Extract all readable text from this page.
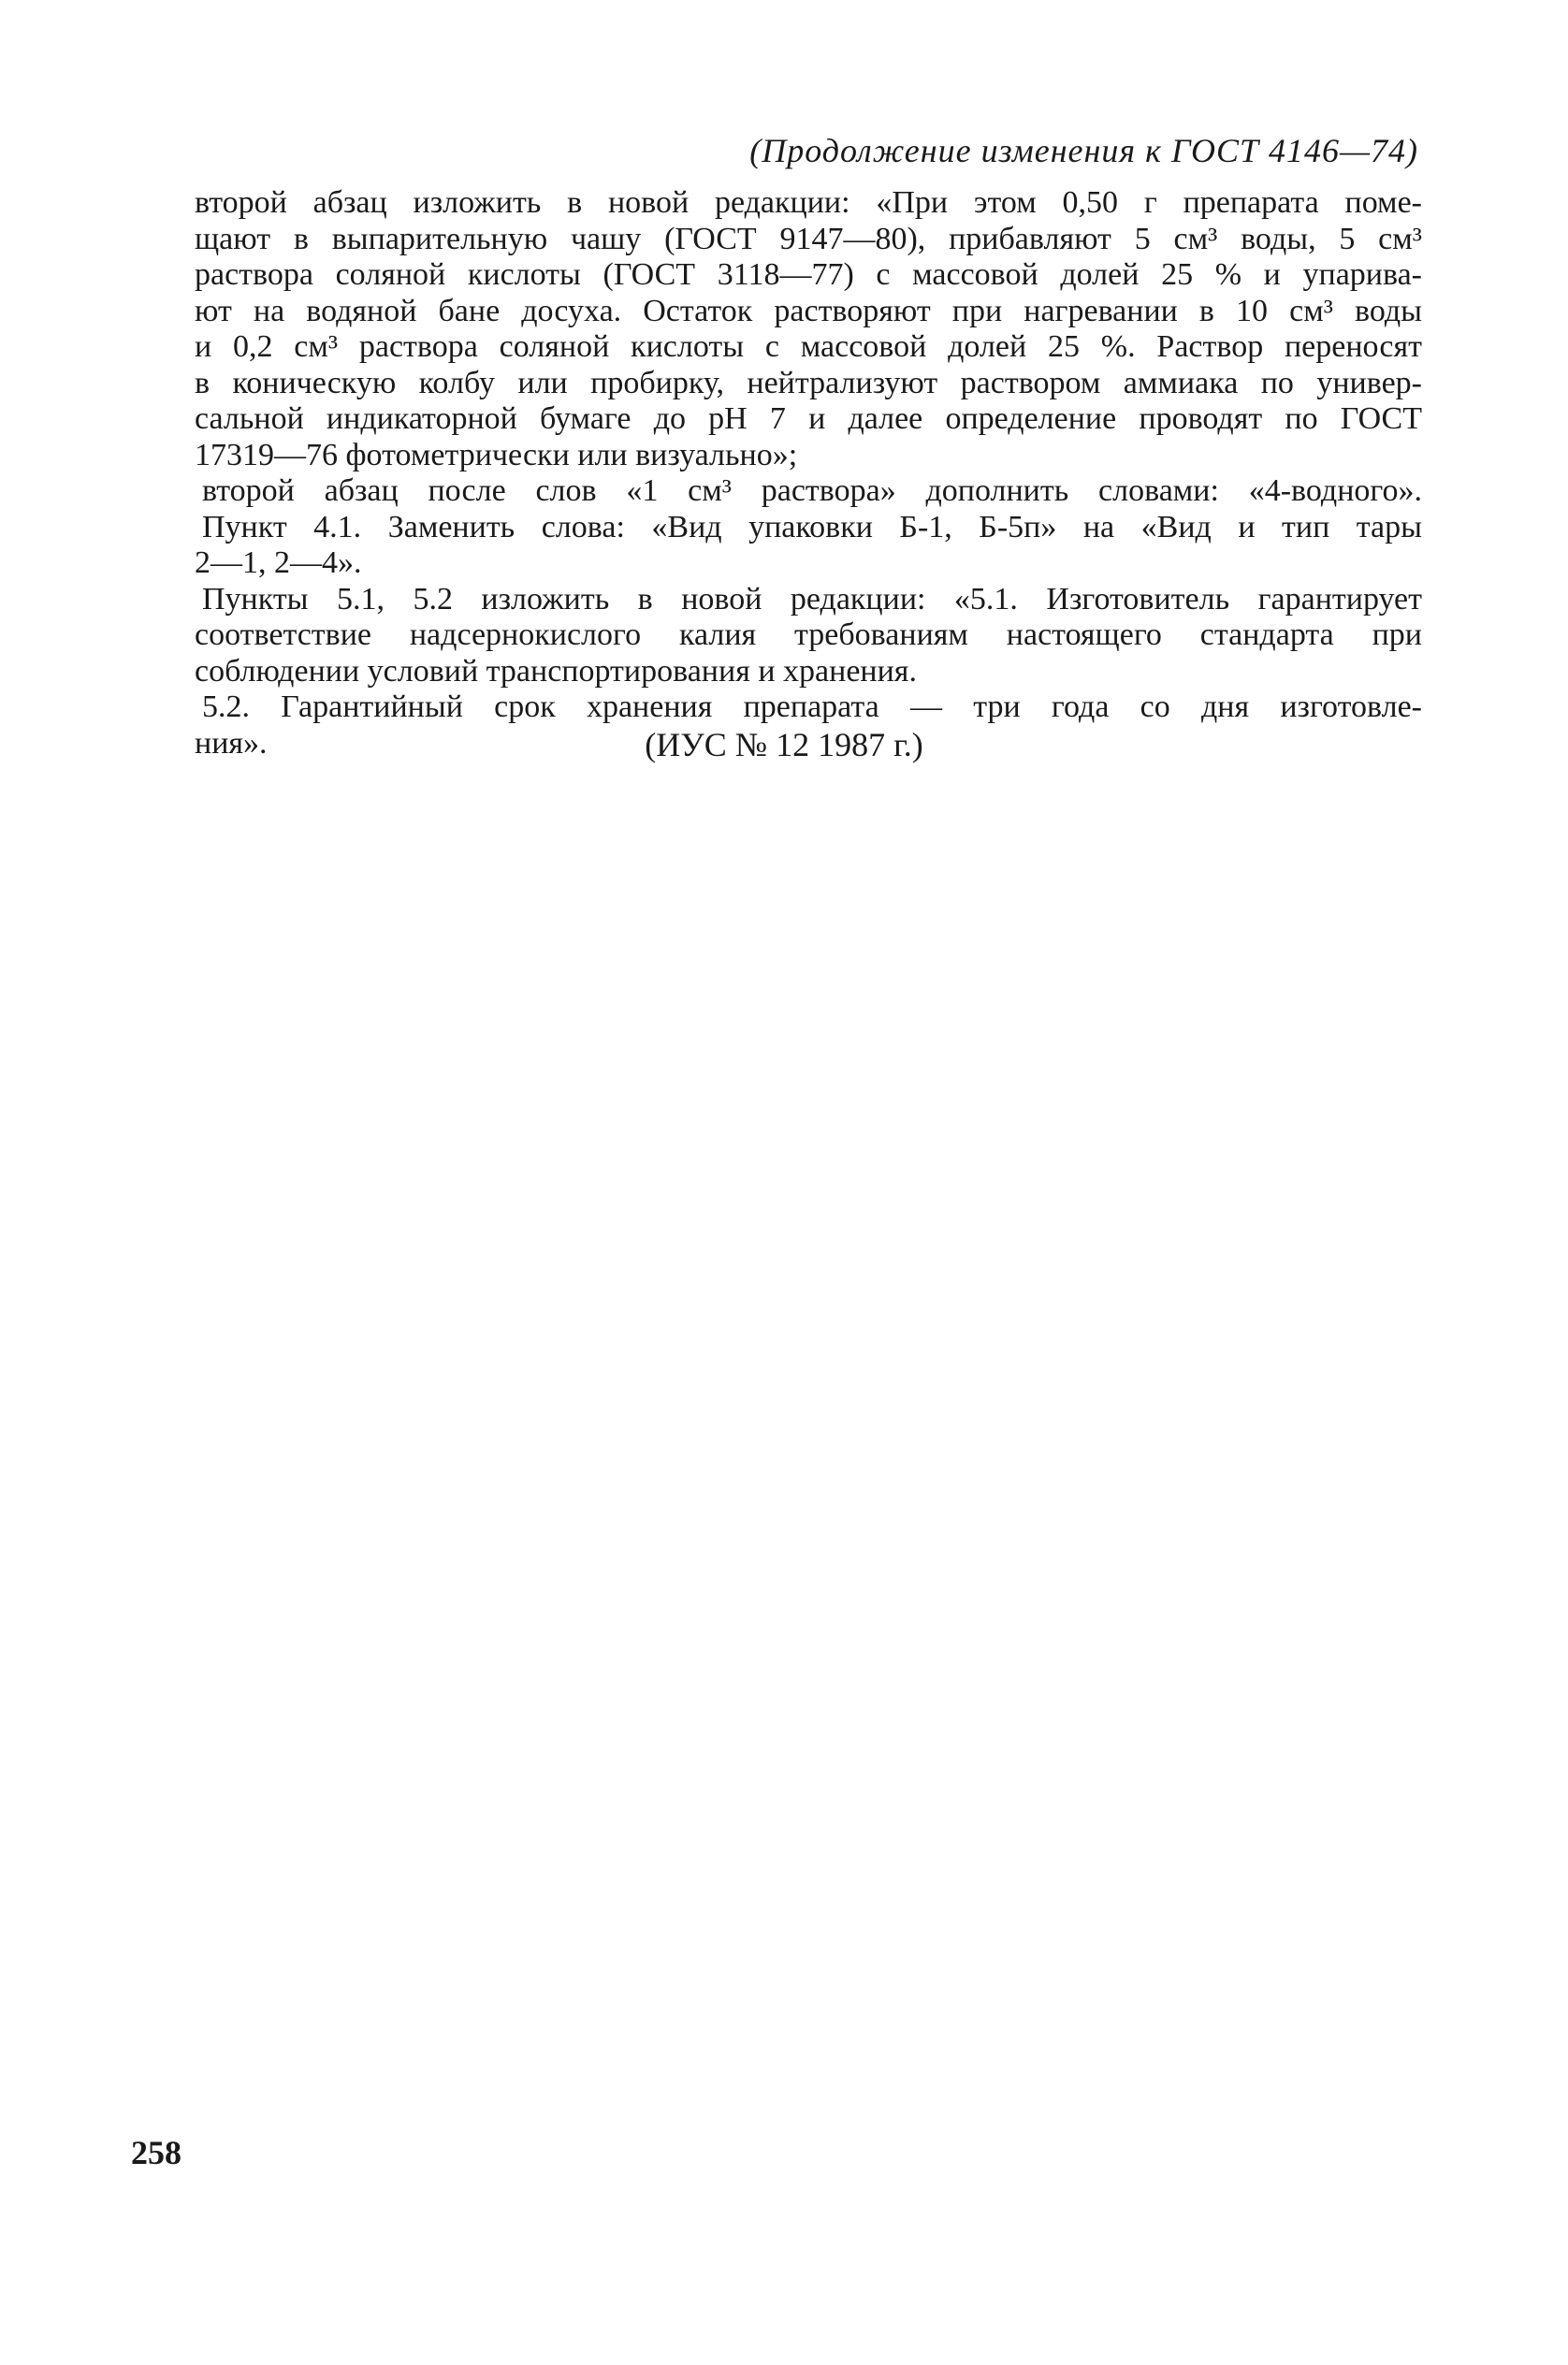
(Продолжение изменения к ГОСТ 4146—74)
второй абзац изложить в новой редакции: «При этом 0,50 г препарата поме-
щают в выпарительную чашу (ГОСТ 9147—80), прибавляют 5 см³ воды, 5 см³
раствора соляной кислоты (ГОСТ 3118—77) с массовой долей 25 % и упарива-
ют на водяной бане досуха. Остаток растворяют при нагревании в 10 см³ воды
и 0,2 см³ раствора соляной кислоты с массовой долей 25 %. Раствор переносят
в коническую колбу или пробирку, нейтрализуют раствором аммиака по универ-
сальной индикаторной бумаге до pH 7 и далее определение проводят по ГОСТ
17319—76 фотометрически или визуально»;
второй абзац после слов «1 см³ раствора» дополнить словами: «4-водного».
Пункт 4.1. Заменить слова: «Вид упаковки Б-1, Б-5п» на «Вид и тип тары
2—1, 2—4».
Пункты 5.1, 5.2 изложить в новой редакции: «5.1. Изготовитель гарантирует
соответствие надсернокислого калия требованиям настоящего стандарта при
соблюдении условий транспортирования и хранения.
5.2. Гарантийный срок хранения препарата — три года со дня изготовле-
ния».	(ИУС № 12 1987 г.)
258
